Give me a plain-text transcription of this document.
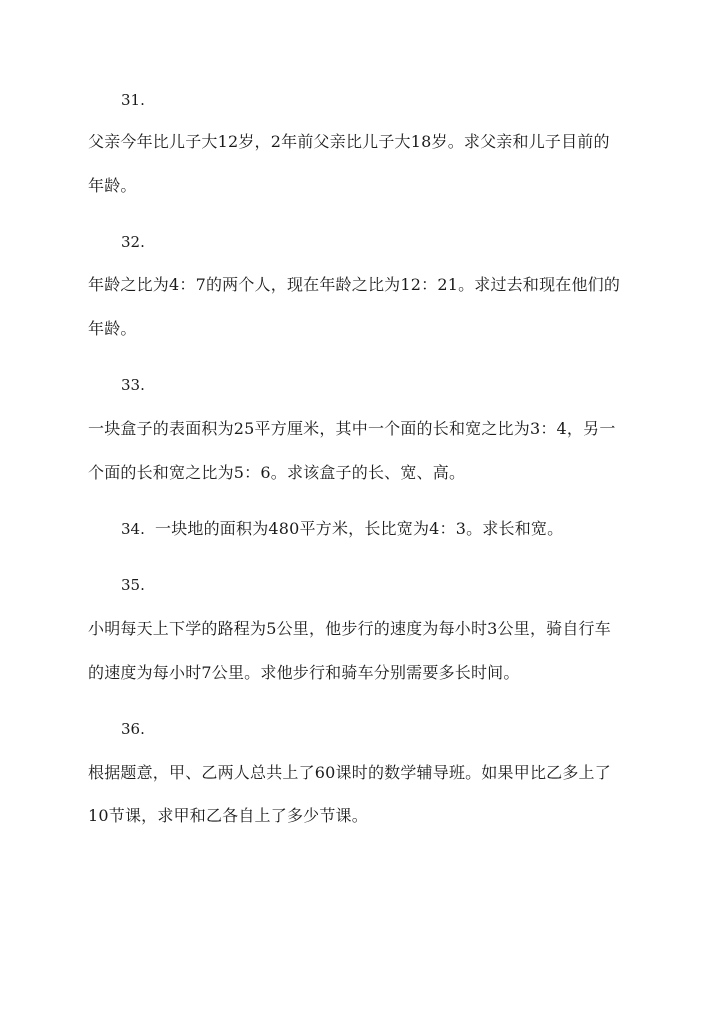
31.
父亲今年比儿子大12岁，2年前父亲比儿子大18岁。求父亲和儿子目前的
年龄。
32.
年龄之比为4：7的两个人，现在年龄之比为12：21。求过去和现在他们的
年龄。
33.
一块盒子的表面积为25平方厘米，其中一个面的长和宽之比为3：4，另一
个面的长和宽之比为5：6。求该盒子的长、宽、高。
34. 一块地的面积为480平方米，长比宽为4：3。求长和宽。
35.
小明每天上下学的路程为5公里，他步行的速度为每小时3公里，骑自行车
的速度为每小时7公里。求他步行和骑车分别需要多长时间。
36.
根据题意，甲、乙两人总共上了60课时的数学辅导班。如果甲比乙多上了
10节课，求甲和乙各自上了多少节课。
